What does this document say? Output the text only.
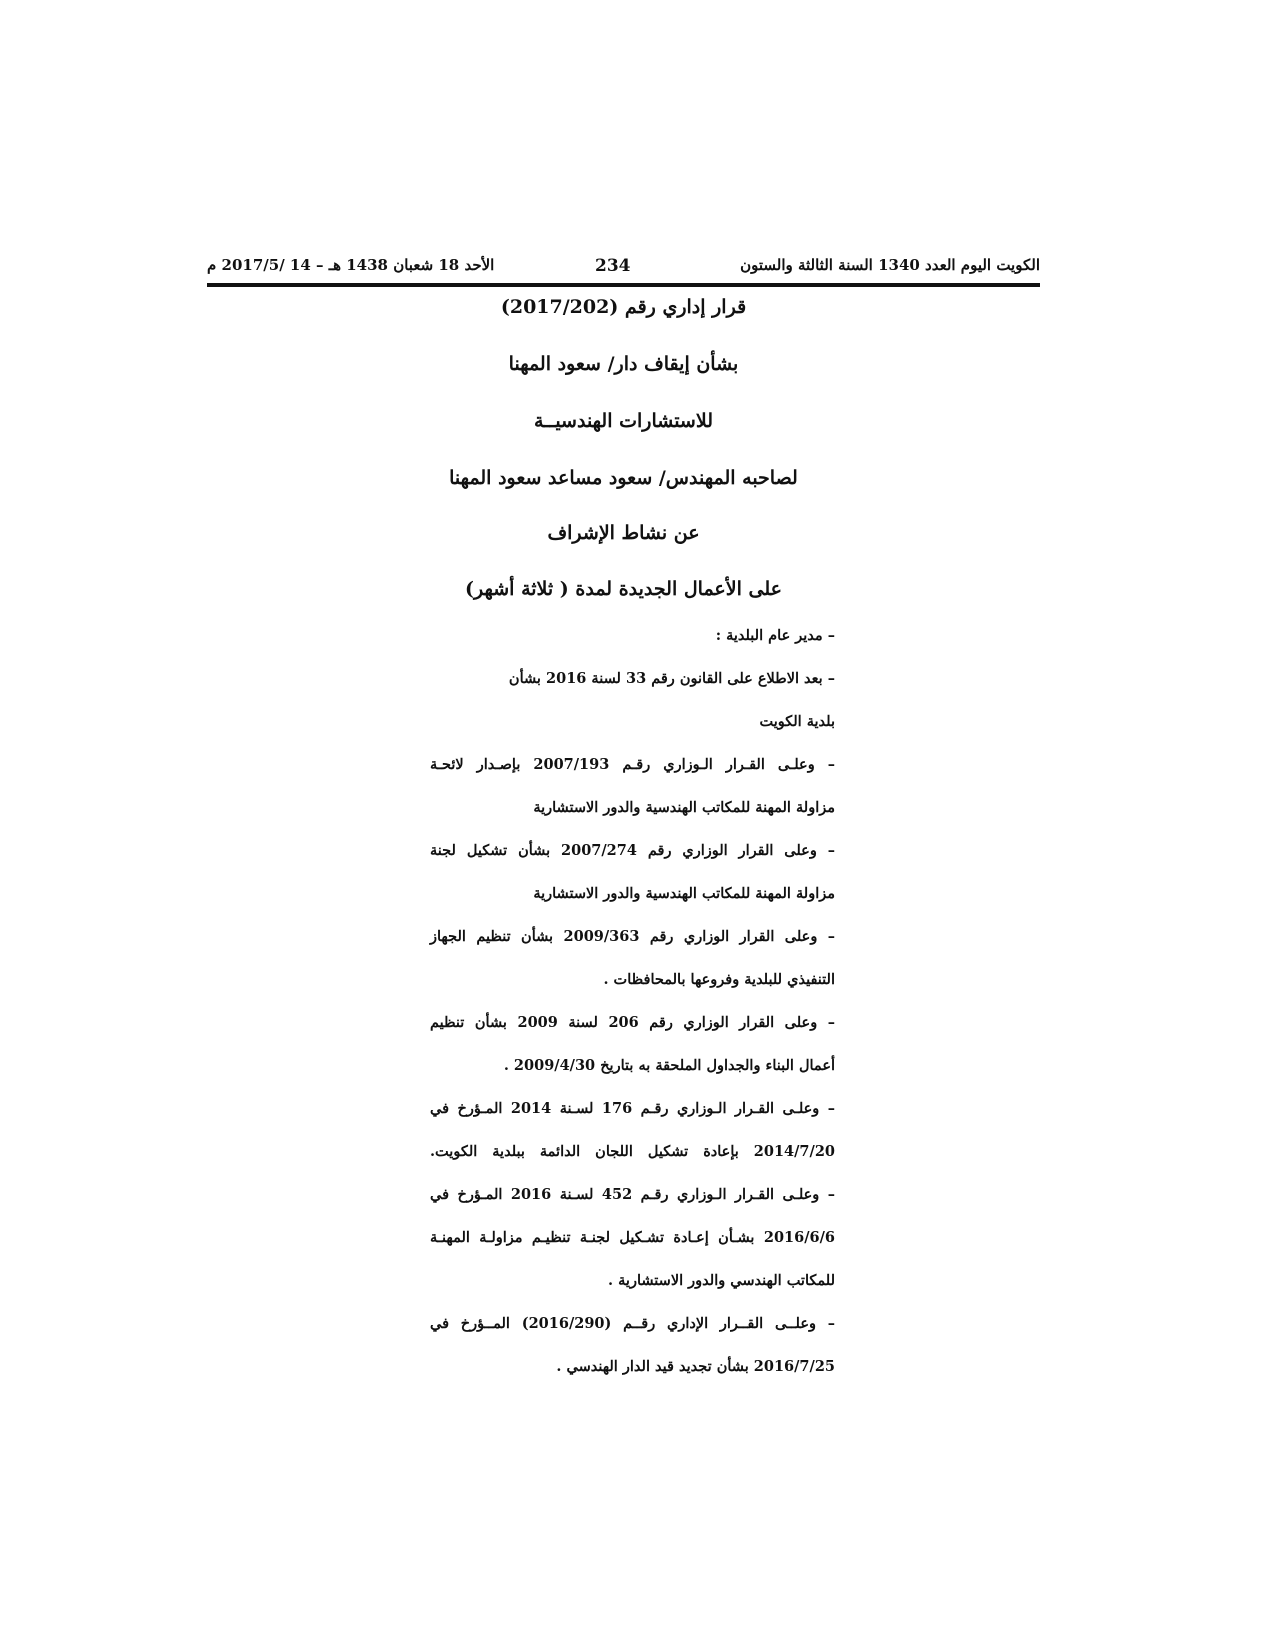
الكويت اليوم العدد 1340 السنة الثالثة والستون
234
الأحد 18 شعبان 1438 هـ – 14 /2017/5 م
قرار إداري رقم (2017/202)
بشأن إيقاف دار/ سعود المهنا
للاستشارات الهندسيــة
لصاحبه المهندس/ سعود مساعد سعود المهنا
عن نشاط الإشراف
على الأعمال الجديدة لمدة ( ثلاثة أشهر)
– مدير عام البلدية :
– بعد الاطلاع على القانون رقم 33 لسنة 2016 بشأن
بلدية الكويت
– وعلـى القـرار الـوزاري رقـم 2007/193 بإصـدار لائحـة
مزاولة المهنة للمكاتب الهندسية والدور الاستشارية
– وعلى القرار الوزاري رقم 2007/274 بشأن تشكيل لجنة
مزاولة المهنة للمكاتب الهندسية والدور الاستشارية
– وعلى القرار الوزاري رقم 2009/363 بشأن تنظيم الجهاز
التنفيذي للبلدية وفروعها بالمحافظات .
– وعلى القرار الوزاري رقم 206 لسنة 2009 بشأن تنظيم
أعمال البناء والجداول الملحقة به بتاريخ 2009/4/30 .
– وعلـى القـرار الـوزاري رقـم 176 لسـنة 2014 المـؤرخ في
2014/7/20 بإعادة تشكيل اللجان الدائمة ببلدية الكويت.
– وعلـى القـرار الـوزاري رقـم 452 لسـنة 2016 المـؤرخ في
2016/6/6 بشـأن إعـادة تشـكيل لجنـة تنظيـم مزاولـة المهنـة
للمكاتب الهندسي والدور الاستشارية .
– وعلــى القــرار الإداري رقــم (2016/290) المــؤرخ في
2016/7/25 بشأن تجديد قيد الدار الهندسي .
